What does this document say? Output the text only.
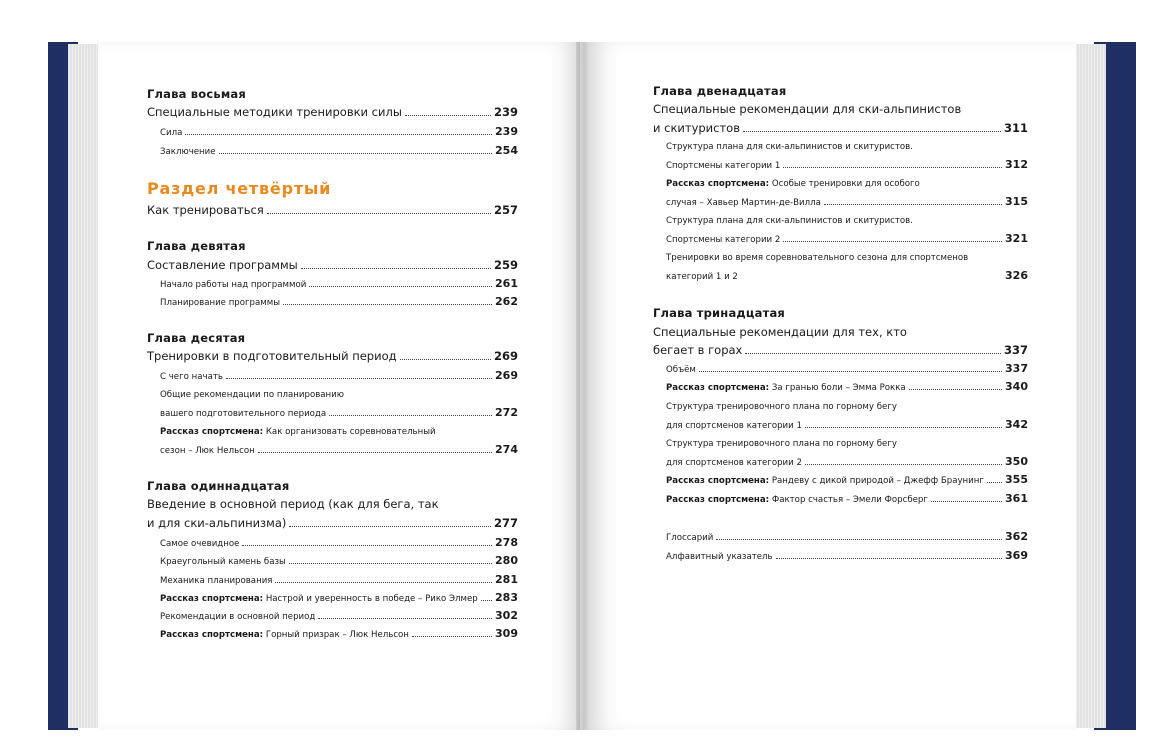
Глава восьмая
Специальные методики тренировки силы	239
Сила	239
Заключение	254
Раздел четвёртый
Как тренироваться	257
Глава девятая
Составление программы	259
Начало работы над программой	261
Планирование программы	262
Глава десятая
Тренировки в подготовительный период	269
С чего начать	269
Общие рекомендации по планированию
вашего подготовительного периода	272
Рассказ спортсмена: Как организовать соревновательный
сезон – Люк Нельсон	274
Глава одиннадцатая
Введение в основной период (как для бега, так
и для ски-альпинизма)	277
Самое очевидное	278
Краеугольный камень базы	280
Механика планирования	281
Рассказ спортсмена: Настрой и уверенность в победе – Рико Элмер 283
Рекомендации в основной период	302
Рассказ спортсмена: Горный призрак – Люк Нельсон	309
Глава двенадцатая
Специальные рекомендации для ски-альпинистов
и скитуристов	311
Структура плана для ски-альпинистов и скитуристов.
Спортсмены категории 1	312
Рассказ спортсмена: Особые тренировки для особого
случая – Хавьер Мартин-де-Вилла	315
Структура плана для ски-альпинистов и скитуристов.
Спортсмены категории 2	321
Тренировки во время соревновательного сезона для спортсменов
категорий 1 и 2	326
Глава тринадцатая
Специальные рекомендации для тех, кто
бегает в горах	337
Объём	337
Рассказ спортсмена: За гранью боли – Эмма Рокка	340
Структура тренировочного плана по горному бегу
для спортсменов категории 1	342
Структура тренировочного плана по горному бегу
для спортсменов категории 2	350
Рассказ спортсмена: Рандеву с дикой природой – Джефф Браунинг 355
Рассказ спортсмена: Фактор счастья – Эмели Форсберг	361
Глоссарий	362
Алфавитный указатель	369
